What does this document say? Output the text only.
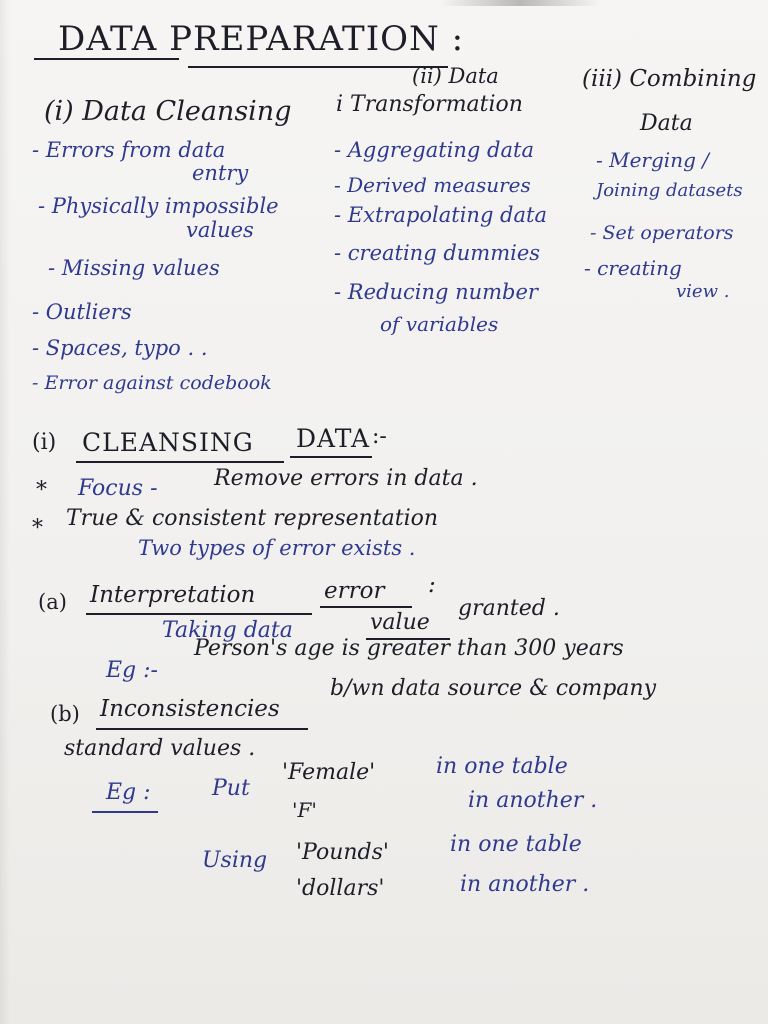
DATA PREPARATION :
(i) Data Cleansing
- Errors from data
entry
- Physically impossible
values
- Missing values
- Outliers
- Spaces, typo . .
- Error against codebook
(ii) Data
i Transformation
- Aggregating data
- Derived measures
- Extrapolating data
- creating dummies
- Reducing number
of variables
(iii) Combining
Data
- Merging /
Joining datasets
- Set operators
- creating
view .
(i) CLEANSING DATA :-
* Focus -	Remove errors in data .
* True & consistent representation
Two types of error exists .
(a) Interpretation	error :
Taking data	value
granted .
Eg :-
Person's age is greater than 300 years
(b) Inconsistencies
b/wn data source & company
standard values .
Eg :	Put
'Female'	in one table
'F'	in another .
Using 'Pounds'	in one table
'dollars'	in another .
